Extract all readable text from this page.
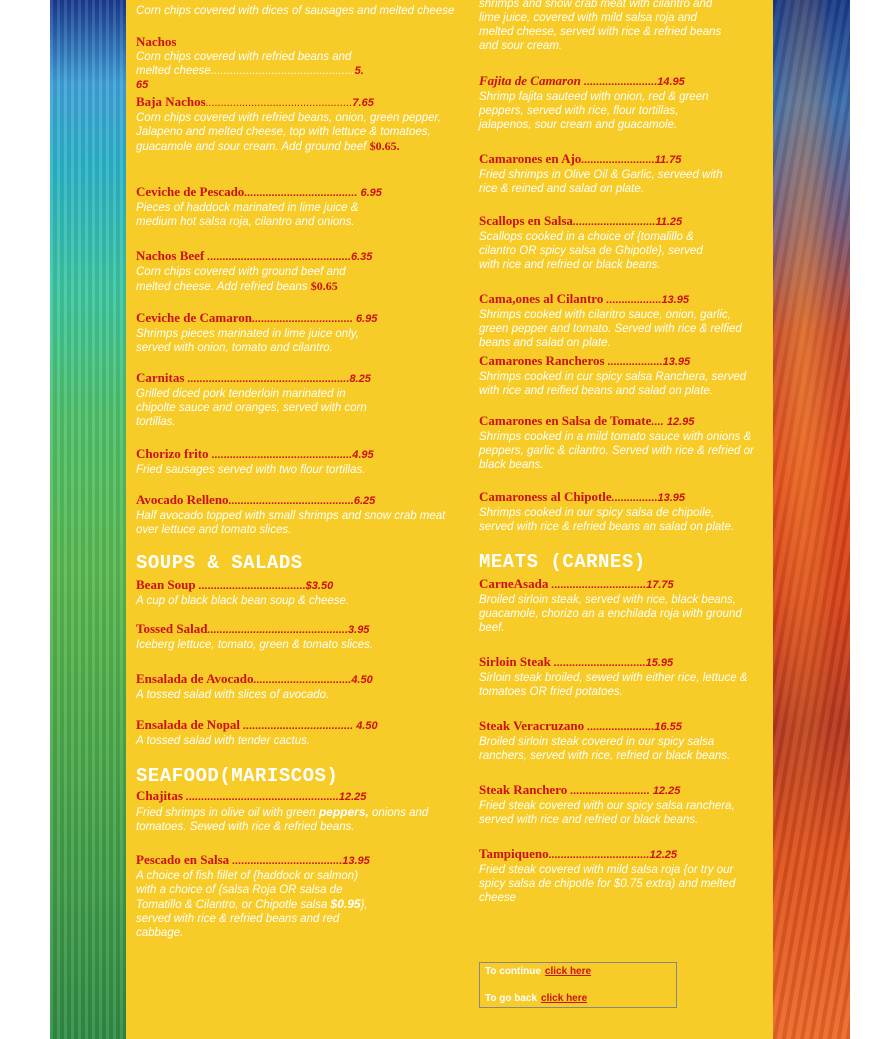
Corn chips covered with dices of sausages and melted cheese
Nachos
Corn chips covered with refried beans and melted cheese.............................................5. 65
Baja Nachos................................................7.65
Corn chips covered with refried beans, onion, green pepper, Jalapeno and melted cheese, top with lettuce & tomatoes, guacamole and sour cream. Add ground beef $0.65.
Ceviche de Pescado..................................... 6.95
Pieces of haddock marinated in lime juice & medium hot salsa roja, cilantro and onions.
Nachos Beef ...............................................6.35
Corn chips covered with ground beef and melted cheese. Add refried beans $0.65
Ceviche de Camaron................................. 6.95
Shrimps pieces marinated in lime juice only, served with onion, tomato and cilantro.
Carnitas .....................................................8.25
Grilled diced pork tenderloin marinated in chipolte sauce and oranges, served with corn tortillas.
Chorizo frito ..............................................4.95
Fried sausages served with two flour tortillas.
Avocado Relleno.........................................6.25
Half avocado topped with small shrimps and snow crab meat over lettuce and tomato slices.
SOUPS & SALADS
Bean Soup ...................................$3.50
A cup of black black bean soup & cheese.
Tossed Salad..............................................3.95
Iceberg lettuce, tomato, green & tomato slices.
Ensalada de Avocado................................4.50
A tossed salad with slices of avocado.
Ensalada de Nopal .................................... 4.50
A tossed salad with tender cactus.
SEAFOOD(MARISCOS)
Chajitas ..................................................12.25
Fried shrimps in olive oil with green peppers, onions and tomatoes. Sewed with rice & refried beans.
Pescado en Salsa ....................................13.95
A choice of fish fillet of {haddock or salmon) with a choice of {salsa Roja OR salsa de Tomatillo & Cilantro, or Chipotle salsa $0.95}, served with rice & refried beans and red cabbage.
shrimps and snow crab meat with cilantro and lime juice, covered with mild salsa roja and melted cheese, served with rice & refried beans and sour cream.
Fajita de Camaron ........................14.95
Shrimp fajita sauteed with onion, red & green peppers, served with rice, flour tortillas, jalapenos, sour cream and guacamole.
Camarones en Ajo........................11.75
Fried shrimps in Olive Oil & Garlic, serveed with rice & reined and salad on plate.
Scallops en Salsa...........................11.25
Scallops cooked in a choice of {tomalillo & cilantro OR spicy salsa de Ghipotle}, served with rice and refried or black beans.
Cama,ones al Cilantro ..................13.95
Shrimps cooked with cilaritro sauce, onion, garlic, green pepper and tomato. Served with rice & relfied beans and salad on plate.
Camarones Rancheros ..................13.95
Shrimps cooked in cur spicy salsa Ranchera, served with rice and reified beans and salad on plate.
Camarones en Salsa de Tomate.... 12.95
Shrimps cooked in a mild tomato sauce with onions & peppers, garlic & cilantro. Served with rice & refried or black beans.
Camaroness al Chipotle...............13.95
Shrimps cooked in our spicy salsa de chipoile, served with rice & refried beans an salad on plate.
MEATS (CARNES)
CarneAsada ...............................17.75
Broiled sirloin steak, served with rice, black beans, guacamole, chorizo an a enchilada roja with ground beef.
Sirloin Steak ..............................15.95
Sirloin steak broiled, sewed with either rice, lettuce & tomatoes OR fried potatoes.
Steak Veracruzano ......................16.55
Broiled sirloin steak covered in our spicy salsa ranchers, served with rice, refried or black beans.
Steak Ranchero .......................... 12.25
Fried steak covered with our spicy salsa ranchera, served with rice and refried or black beans.
Tampiqueno.................................12.25
Fried steak covered with mild salsa roja {or try our spicy salsa de chipotle for $0.75 extra) and melted cheese
To continue click here
To go back click here
